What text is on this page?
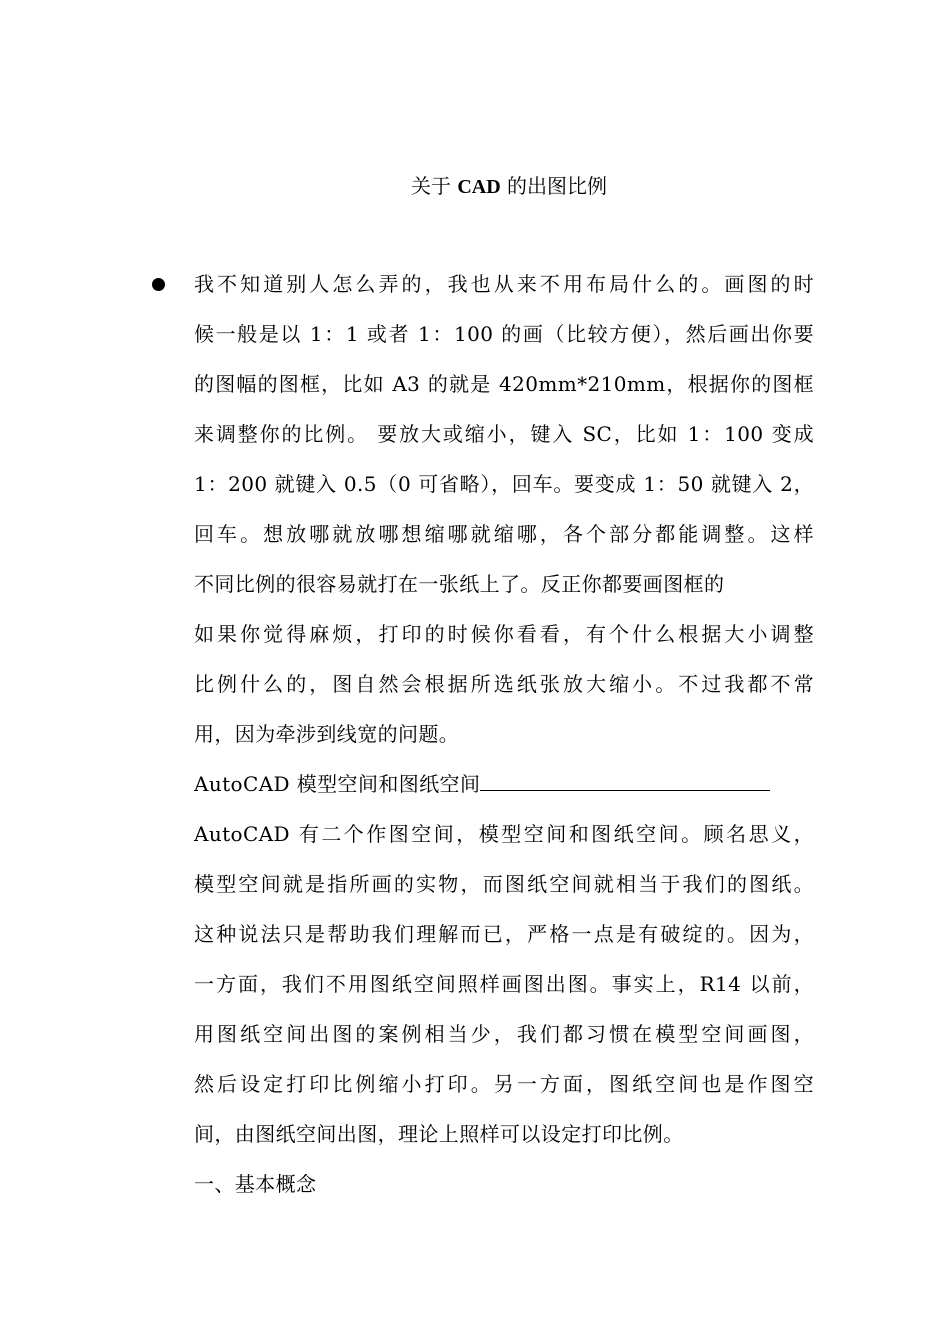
关于 CAD 的出图比例
我不知道别人怎么弄的，我也从来不用布局什么的。画图的时
候一般是以 1：1 或者 1：100 的画（比较方便），然后画出你要
的图幅的图框，比如 A3 的就是 420mm*210mm，根据你的图框
来调整你的比例。 要放大或缩小，键入 SC，比如 1：100 变成
1：200 就键入 0.5（0 可省略），回车。要变成 1：50 就键入 2，
回车。想放哪就放哪想缩哪就缩哪，各个部分都能调整。这样
不同比例的很容易就打在一张纸上了。反正你都要画图框的
如果你觉得麻烦，打印的时候你看看，有个什么根据大小调整
比例什么的，图自然会根据所选纸张放大缩小。不过我都不常
用，因为牵涉到线宽的问题。
AutoCAD 模型空间和图纸空间
AutoCAD 有二个作图空间，模型空间和图纸空间。顾名思义，
模型空间就是指所画的实物，而图纸空间就相当于我们的图纸。
这种说法只是帮助我们理解而已，严格一点是有破绽的。因为，
一方面，我们不用图纸空间照样画图出图。事实上，R14 以前，
用图纸空间出图的案例相当少，我们都习惯在模型空间画图，
然后设定打印比例缩小打印。另一方面，图纸空间也是作图空
间，由图纸空间出图，理论上照样可以设定打印比例。
一、基本概念
